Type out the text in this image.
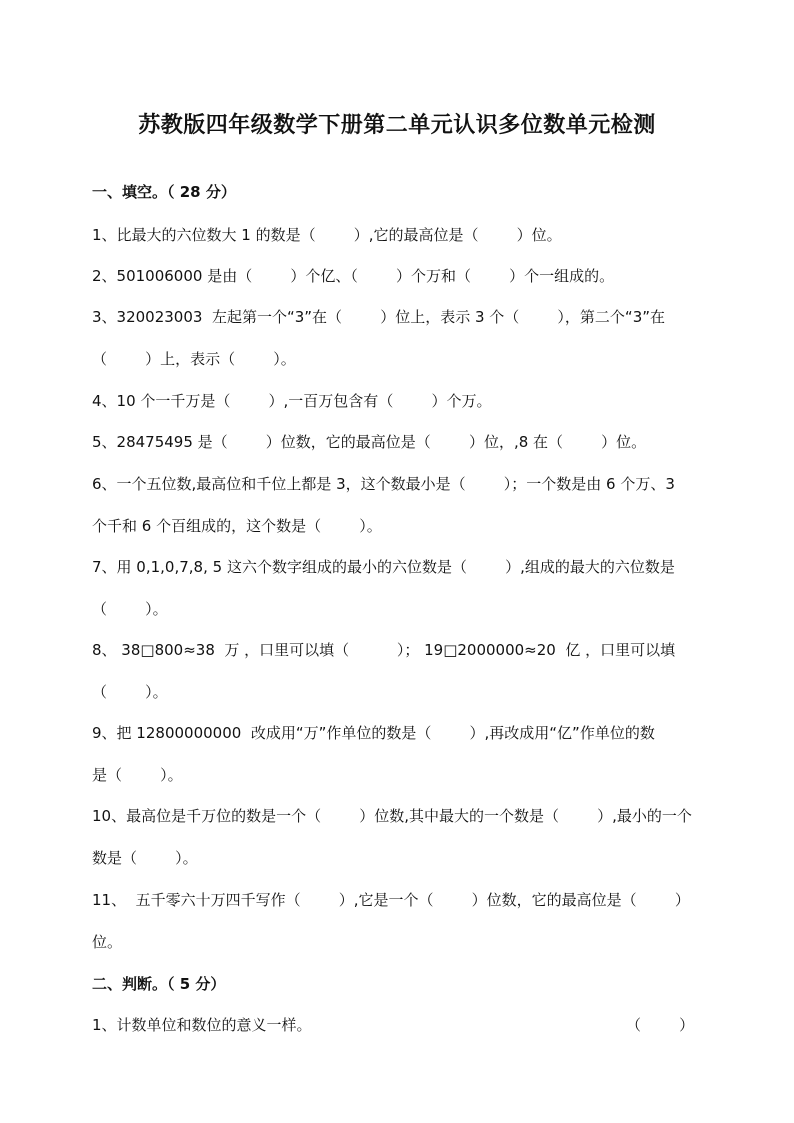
苏教版四年级数学下册第二单元认识多位数单元检测
一、填空。（ 28 分）
1、比最大的六位数大 1 的数是（        ）,它的最高位是（        ）位。
2、501006000 是由（        ）个亿、（        ）个万和（        ）个一组成的。
3、320023003  左起第一个“3”在（        ）位上，表示 3 个（        ），第二个“3”在
（        ）上，表示（        ）。
4、10 个一千万是（        ）,一百万包含有（        ）个万。
5、28475495 是（        ）位数，它的最高位是（        ）位，,8 在（        ）位。
6、一个五位数,最高位和千位上都是 3，这个数最小是（        ）；一个数是由 6 个万、3
个千和 6 个百组成的，这个数是（        ）。
7、用 0,1,0,7,8, 5 这六个数字组成的最小的六位数是（        ）,组成的最大的六位数是
（        ）。
8、 38□800≈38  万 ，口里可以填（          ）； 19□2000000≈20  亿 ，口里可以填
（        ）。
9、把 12800000000  改成用“万”作单位的数是（        ）,再改成用“亿”作单位的数
是（        ）。
10、最高位是千万位的数是一个（        ）位数,其中最大的一个数是（        ）,最小的一个
数是（        ）。
11、  五千零六十万四千写作（        ）,它是一个（        ）位数，它的最高位是（        ）
位。
二、判断。（ 5 分）
1、计数单位和数位的意义一样。	（        ）
